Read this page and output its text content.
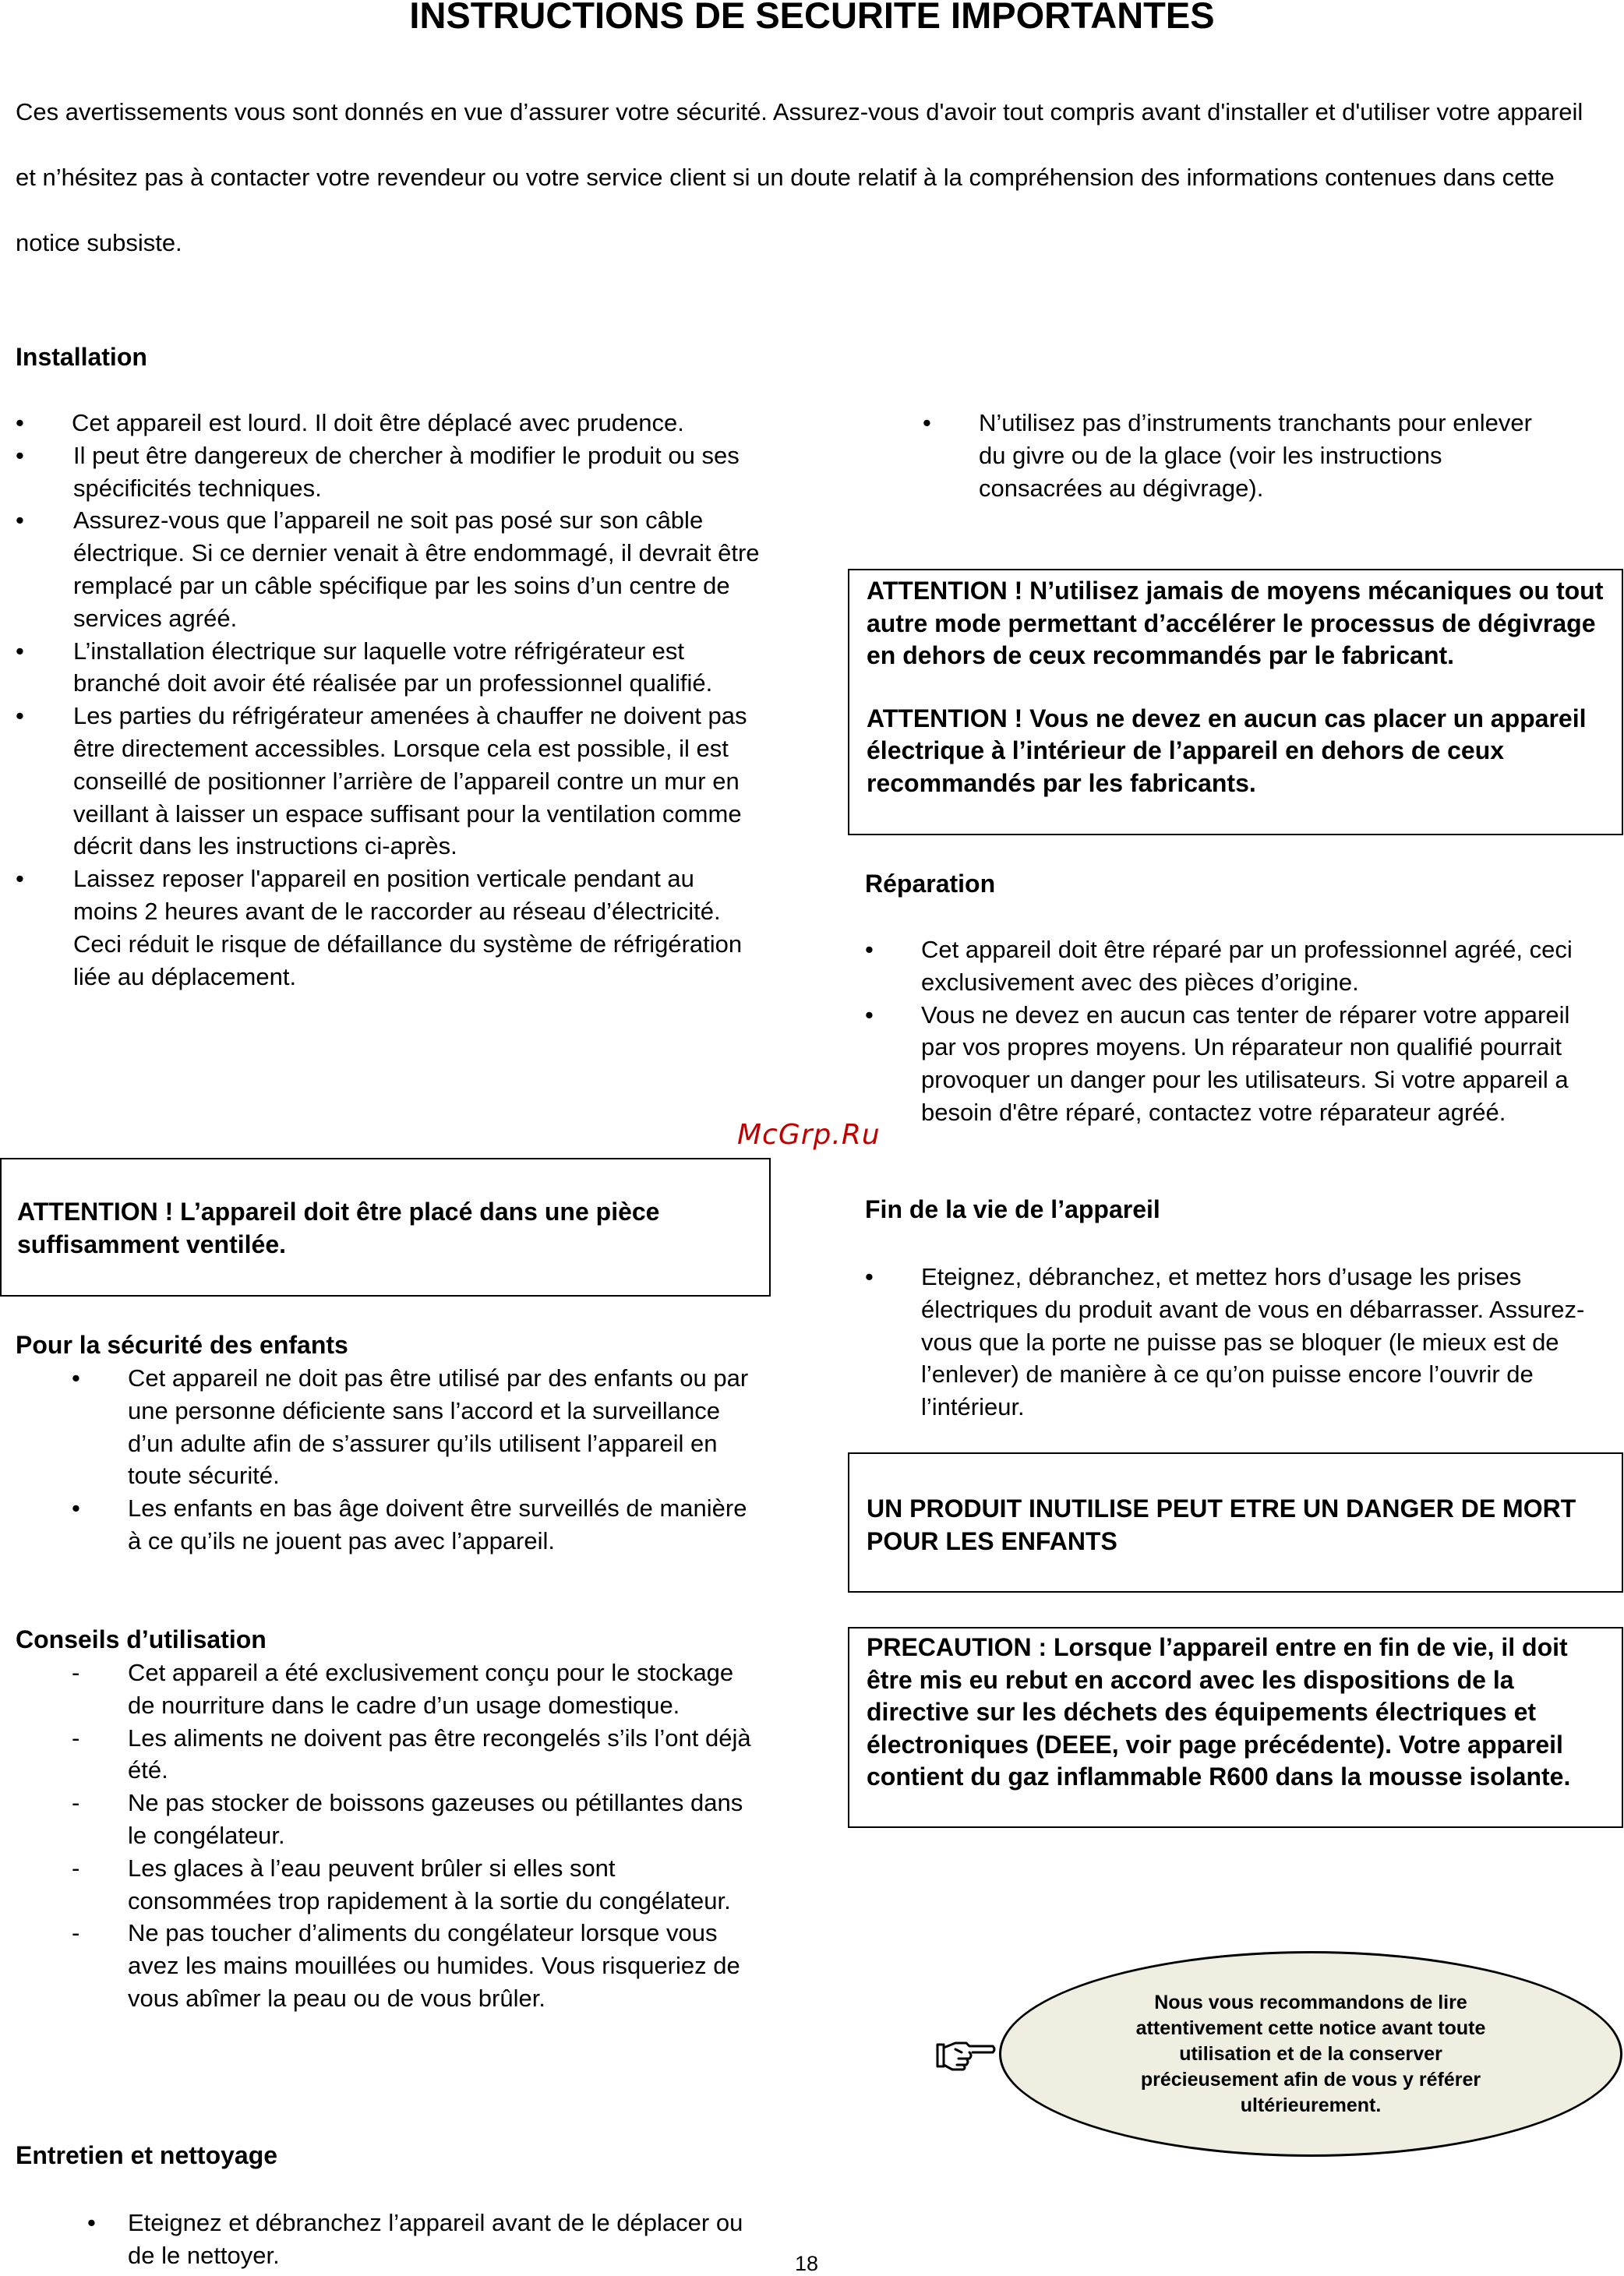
INSTRUCTIONS DE SECURITE IMPORTANTES

Ces avertissements vous sont donnés en vue d’assurer votre sécurité. Assurez-vous d'avoir tout compris avant d'installer et d'utiliser votre appareil et n’hésitez pas à contacter votre revendeur ou votre service client si un doute relatif à la compréhension des informations contenues dans cette notice subsiste.

Installation
• Cet appareil est lourd. Il doit être déplacé avec prudence.
• Il peut être dangereux de chercher à modifier le produit ou ses spécificités techniques.
• Assurez-vous que l’appareil ne soit pas posé sur son câble électrique. Si ce dernier venait à être endommagé, il devrait être remplacé par un câble spécifique par les soins d’un centre de services agréé.
• L’installation électrique sur laquelle votre réfrigérateur est branché doit avoir été réalisée par un professionnel qualifié.
• Les parties du réfrigérateur amenées à chauffer ne doivent pas être directement accessibles. Lorsque cela est possible, il est conseillé de positionner l’arrière de l’appareil contre un mur en veillant à laisser un espace suffisant pour la ventilation comme décrit dans les instructions ci-après.
• Laissez reposer l'appareil en position verticale pendant au moins 2 heures avant de le raccorder au réseau d’électricité. Ceci réduit le risque de défaillance du système de réfrigération liée au déplacement.

ATTENTION ! L’appareil doit être placé dans une pièce suffisamment ventilée.

Pour la sécurité des enfants
• Cet appareil ne doit pas être utilisé par des enfants ou par une personne déficiente sans l’accord et la surveillance d’un adulte afin de s’assurer qu’ils utilisent l’appareil en toute sécurité.
• Les enfants en bas âge doivent être surveillés de manière à ce qu’ils ne jouent pas avec l’appareil.
Conseils d’utilisation
- Cet appareil a été exclusivement conçu pour le stockage de nourriture dans le cadre d’un usage domestique.
- Les aliments ne doivent pas être recongelés s’ils l’ont déjà été.
- Ne pas stocker de boissons gazeuses ou pétillantes dans le congélateur.
- Les glaces à l’eau peuvent brûler si elles sont consommées trop rapidement à la sortie du congélateur.
- Ne pas toucher d’aliments du congélateur lorsque vous avez les mains mouillées ou humides. Vous risqueriez de vous abîmer la peau ou de vous brûler.
Entretien et nettoyage
• Eteignez et débranchez l’appareil avant de le déplacer ou de le nettoyer.
• N’utilisez pas d’instruments tranchants pour enlever du givre ou de la glace (voir les instructions consacrées au dégivrage).

ATTENTION ! N’utilisez jamais de moyens mécaniques ou tout autre mode permettant d’accélérer le processus de dégivrage en dehors de ceux recommandés par le fabricant.

ATTENTION ! Vous ne devez en aucun cas placer un appareil électrique à l’intérieur de l’appareil en dehors de ceux recommandés par les fabricants.

Réparation
• Cet appareil doit être réparé par un professionnel agréé, ceci exclusivement avec des pièces d’origine.
• Vous ne devez en aucun cas tenter de réparer votre appareil par vos propres moyens. Un réparateur non qualifié pourrait provoquer un danger pour les utilisateurs. Si votre appareil a besoin d'être réparé, contactez votre réparateur agréé.
Fin de la vie de l’appareil
• Eteignez, débranchez, et mettez hors d’usage les prises électriques du produit avant de vous en débarrasser. Assurez-vous que la porte ne puisse pas se bloquer (le mieux est de l’enlever) de manière à ce qu’on puisse encore l’ouvrir de l’intérieur.

UN PRODUIT INUTILISE PEUT ETRE UN DANGER DE MORT POUR LES ENFANTS

PRECAUTION : Lorsque l’appareil entre en fin de vie, il doit être mis eu rebut en accord avec les dispositions de la directive sur les déchets des équipements électriques et électroniques (DEEE, voir page précédente). Votre appareil contient du gaz inflammable R600 dans la mousse isolante.

Nous vous recommandons de lire attentivement cette notice avant toute utilisation et de la conserver précieusement afin de vous y référer ultérieurement.
McGrp.Ru
18
